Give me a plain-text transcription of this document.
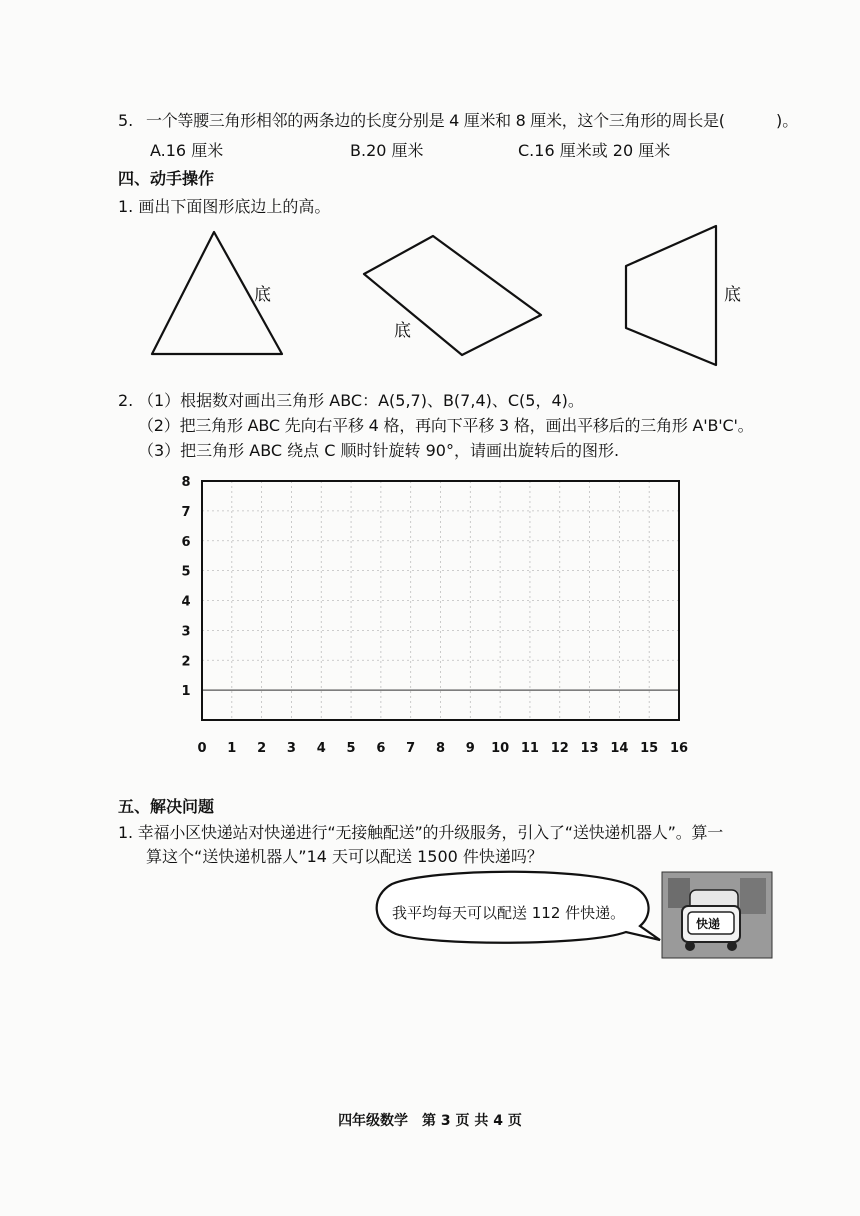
5. 一个等腰三角形相邻的两条边的长度分别是 4 厘米和 8 厘米，这个三角形的周长是(	)。
A.16 厘米	B.20 厘米	C.16 厘米或 20 厘米
四、动手操作
1. 画出下面图形底边上的高。
底
底
底
2. （1）根据数对画出三角形 ABC：A(5,7)、B(7,4)、C(5，4)。
（2）把三角形 ABC 先向右平移 4 格，再向下平移 3 格，画出平移后的三角形 A'B'C'。
（3）把三角形 ABC 绕点 C 顺时针旋转 90°，请画出旋转后的图形.
0 1 2 3 4 5 6 7 8 9 10 11 12 13 14 15 16
1
2
3
4
5
6
7
8
五、解决问题
1. 幸福小区快递站对快递进行“无接触配送”的升级服务，引入了“送快递机器人”。算一
算这个“送快递机器人”14 天可以配送 1500 件快递吗？
我平均每天可以配送 112 件快递。
快递
四年级数学　第 3 页 共 4 页
